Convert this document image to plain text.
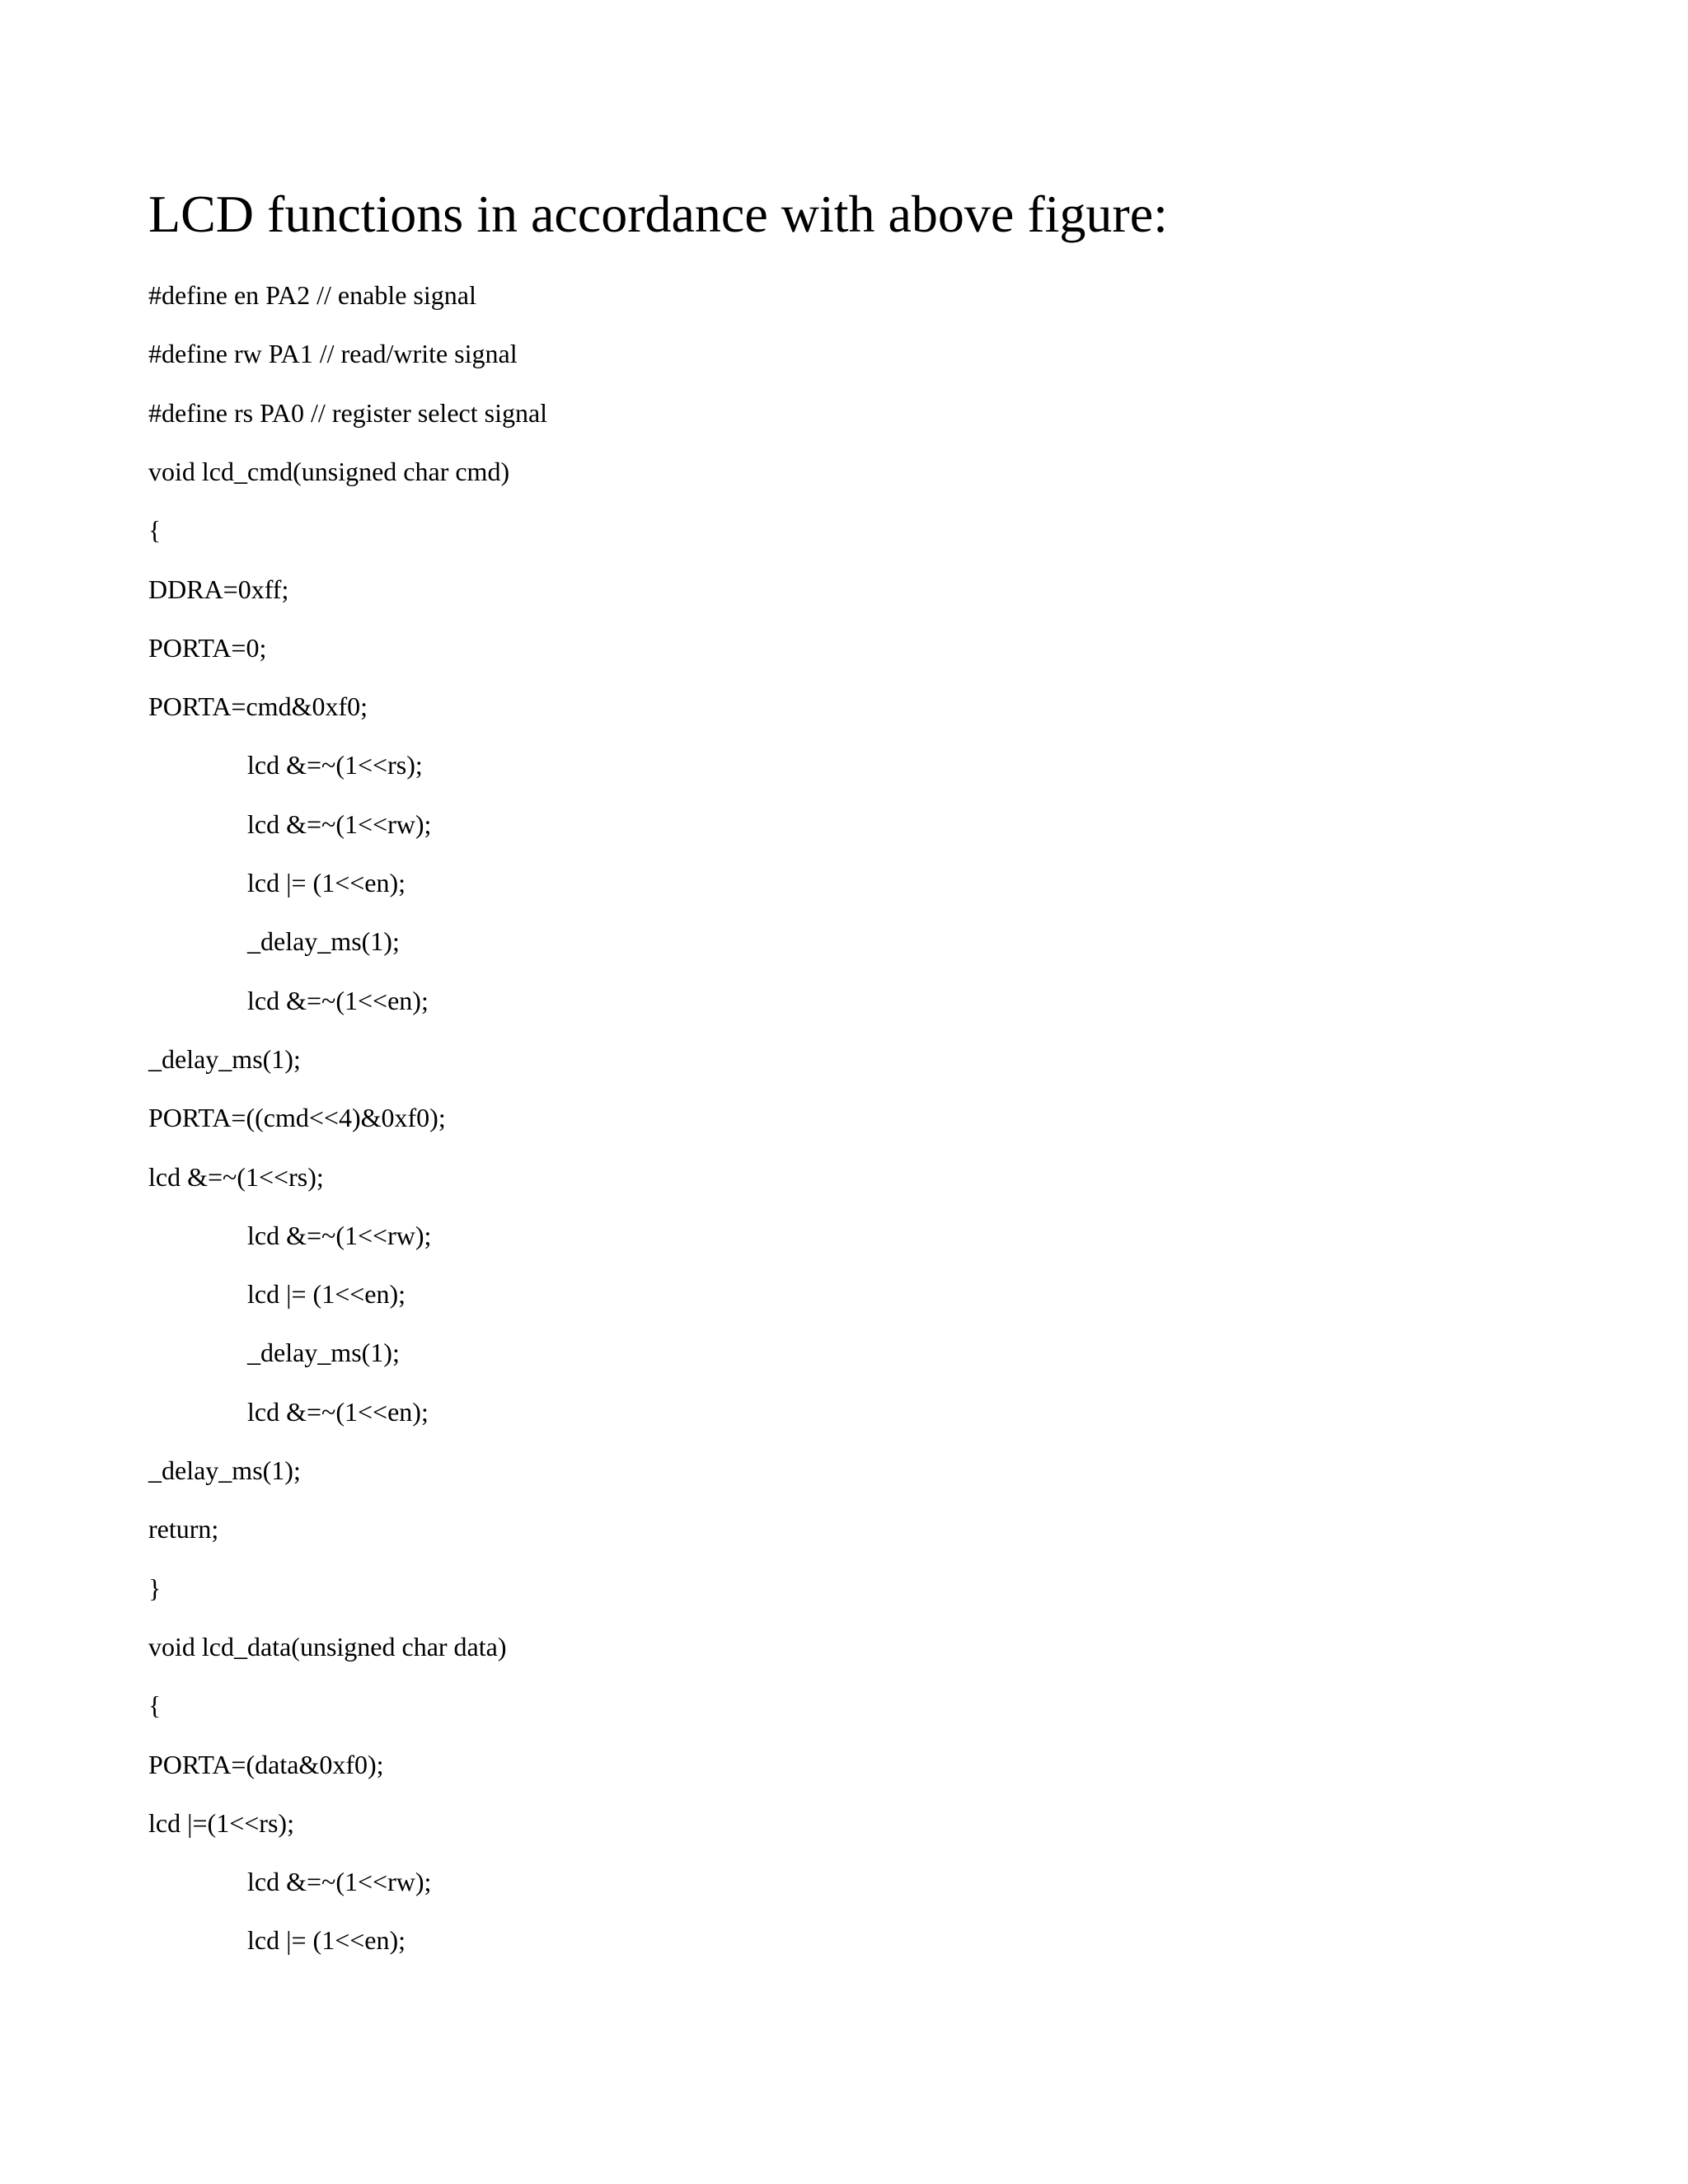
LCD functions in accordance with above figure:

#define en PA2 // enable signal

#define rw PA1 // read/write signal

#define rs PA0 // register select signal

void lcd_cmd(unsigned char cmd)

{

DDRA=0xff;

PORTA=0;

PORTA=cmd&0xf0;

lcd &=~(1<<rs);

lcd &=~(1<<rw);

lcd |= (1<<en);

_delay_ms(1);

lcd &=~(1<<en);

_delay_ms(1);

PORTA=((cmd<<4)&0xf0);

lcd &=~(1<<rs);

lcd &=~(1<<rw);

lcd |= (1<<en);

_delay_ms(1);

lcd &=~(1<<en);

_delay_ms(1);

return;

}

void lcd_data(unsigned char data)

{

PORTA=(data&0xf0);

lcd |=(1<<rs);

lcd &=~(1<<rw);

lcd |= (1<<en);
